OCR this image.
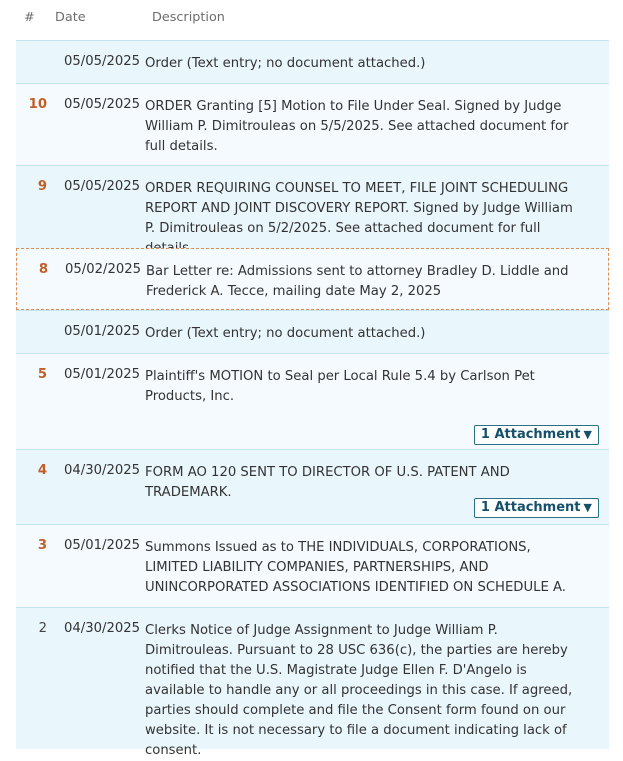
# Date	Description
05/05/2025 Order (Text entry; no document attached.)
10 05/05/2025 ORDER Granting [5] Motion to File Under Seal. Signed by Judge William P. Dimitrouleas on 5/5/2025. See attached document for full details.
9 05/05/2025 ORDER REQUIRING COUNSEL TO MEET, FILE JOINT SCHEDULING REPORT AND JOINT DISCOVERY REPORT. Signed by Judge William P. Dimitrouleas on 5/2/2025. See attached document for full
8 05/02/2025 Bar Letter re: Admissions sent to attorney Bradley D. Liddle and Frederick A. Tecce, mailing date May 2, 2025
05/01/2025 Order (Text entry; no document attached.)
5 05/01/2025 Plaintiff's MOTION to Seal per Local Rule 5.4 by Carlson Pet Products, Inc.
1 Attachment ▼
4 04/30/2025 FORM AO 120 SENT TO DIRECTOR OF U.S. PATENT AND TRADEMARK.
1 Attachment ▼
3 05/01/2025 Summons Issued as to THE INDIVIDUALS, CORPORATIONS, LIMITED LIABILITY COMPANIES, PARTNERSHIPS, AND UNINCORPORATED ASSOCIATIONS IDENTIFIED ON SCHEDULE A.
2 04/30/2025 Clerks Notice of Judge Assignment to Judge William P. Dimitrouleas. Pursuant to 28 USC 636(c), the parties are hereby notified that the U.S. Magistrate Judge Ellen F. D'Angelo is available to handle any or all proceedings in this case. If agreed, parties should complete and file the Consent form found on our website. It is not necessary to file a document indicating lack of consent.
